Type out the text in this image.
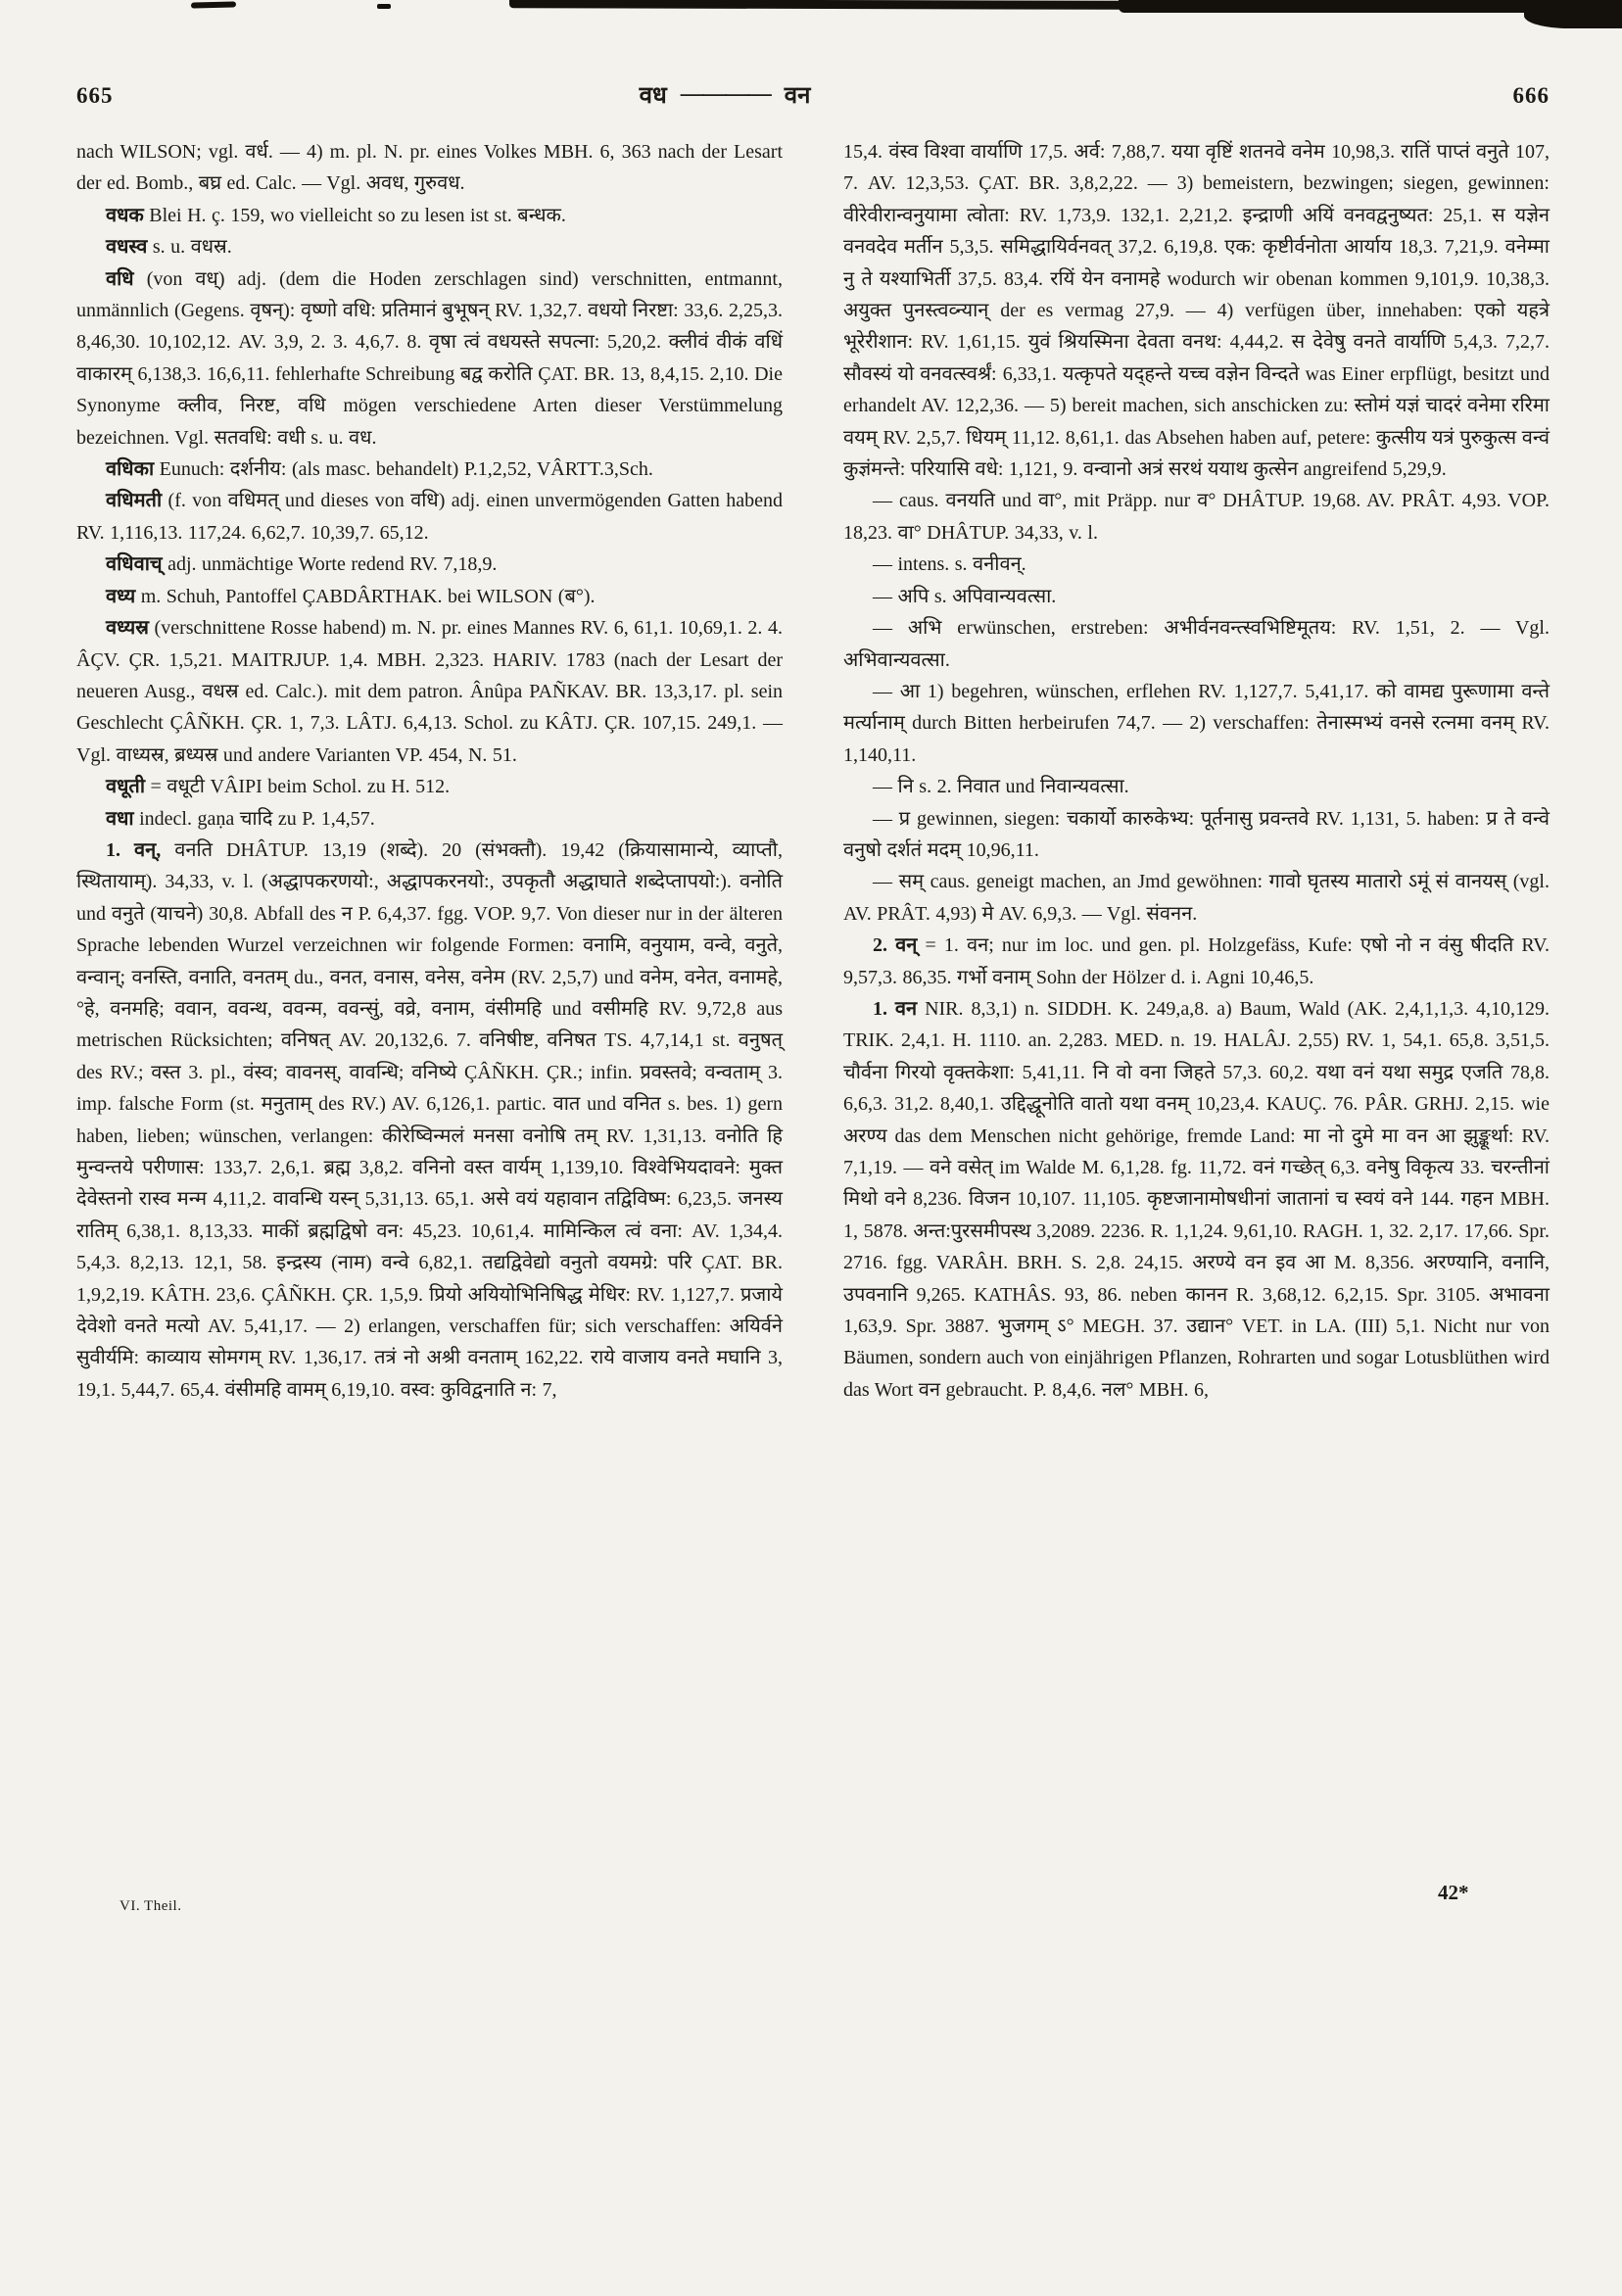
665	वध ———— वन	666

nach WILSON; vgl. वर्ध. — 4) m. pl. N. pr. eines Volkes MBH. 6, 363 nach der Lesart der ed. Bomb., बघ्र ed. Calc. — Vgl. अवध, गुरुवध.

वधक Blei H. ç. 159, wo vielleicht so zu lesen ist st. बन्धक.

वधस्व s. u. वधस्र.

वधि (von वध्) adj. (dem die Hoden zerschlagen sind) verschnitten, entmannt, unmännlich (Gegens. वृषन्): वृष्णो वधि: प्रतिमानं बुभूषन् RV. 1,32,7. वधयो निरष्टा: 33,6. 2,25,3. 8,46,30. 10,102,12. AV. 3,9, 2. 3. 4,6,7. 8. वृषा त्वं वधयस्ते सपत्ना: 5,20,2. क्लीवं वीकं वधिं वाकारम् 6,138,3. 16,6,11. fehlerhafte Schreibung बद्व करोति ÇAT. BR. 13, 8,4,15. 2,10. Die Synonyme क्लीव, निरष्ट, वधि mögen verschiedene Arten dieser Verstümmelung bezeichnen. Vgl. सतवधि: वधी s. u. वध.

वधिका Eunuch: दर्शनीय: (als masc. behandelt) P.1,2,52, VÂRTT.3,Sch.

वधिमती (f. von वधिमत् und dieses von वधि) adj. einen unvermögenden Gatten habend RV. 1,116,13. 117,24. 6,62,7. 10,39,7. 65,12.

वधिवाच् adj. unmächtige Worte redend RV. 7,18,9.

वध्य m. Schuh, Pantoffel ÇABDÂRTHAK. bei WILSON (ब°).

वध्यस्र (verschnittene Rosse habend) m. N. pr. eines Mannes RV. 6, 61,1. 10,69,1. 2. 4. ÂÇV. ÇR. 1,5,21. MAITRJUP. 1,4. MBH. 2,323. HARIV. 1783 (nach der Lesart der neueren Ausg., वधस्र ed. Calc.). mit dem patron. Ânûpa PAÑKAV. BR. 13,3,17. pl. sein Geschlecht ÇÂÑKH. ÇR. 1, 7,3. LÂTJ. 6,4,13. Schol. zu KÂTJ. ÇR. 107,15. 249,1. — Vgl. वाध्यस्र, ब्रध्यस्र und andere Varianten VP. 454, N. 51.

वधूती = वधूटी VÂIPI beim Schol. zu H. 512.

वधा indecl. gaṇa चादि zu P. 1,4,57.

1. वन्, वनति DHÂTUP. 13,19 (शब्दे). 20 (संभक्तौ). 19,42 (क्रियासामान्ये, व्याप्तौ, स्थितायाम्). 34,33, v. l. (अद्धापकरणयो:, अद्धापकरनयो:, उपकृतौ अद्धाघाते शब्देप्तापयो:). वनोति und वनुते (याचने) 30,8. Abfall des न P. 6,4,37. fgg. VOP. 9,7. Von dieser nur in der älteren Sprache lebenden Wurzel verzeichnen wir folgende Formen: वनामि, वनुयाम, वन्वे, वनुते, वन्वान्; वनस्ति, वनाति, वनतम् du., वनत, वनास, वनेस, वनेम (RV. 2,5,7) und वनेम, वनेत, वनामहे, °हे, वनमहि; ववान, ववन्थ, ववन्म, ववन्सुं, वव्रे, वनाम, वंसीमहि und वसीमहि RV. 9,72,8 aus metrischen Rücksichten; वनिषत् AV. 20,132,6. 7. वनिषीष्ट, वनिषत TS. 4,7,14,1 st. वनुषत् des RV.; वस्त 3. pl., वंस्व; वावनस्, वावन्धि; वनिष्ये ÇÂÑKH. ÇR.; infin. प्रवस्तवे; वन्वताम् 3. imp. falsche Form (st. मनुताम् des RV.) AV. 6,126,1. partic. वात und वनित s. bes. 1) gern haben, lieben; wünschen, verlangen: कीरेष्विन्मलं मनसा वनोषि तम् RV. 1,31,13. वनोति हि मुन्वन्तये परीणास: 133,7. 2,6,1. ब्रह्म 3,8,2. वनिनो वस्त वार्यम् 1,139,10. विश्वेभियदावने: मुक्त देवेस्तनो रास्व मन्म 4,11,2. वावन्धि यस्न् 5,31,13. 65,1. असे वयं यहावान तद्विविष्म: 6,23,5. जनस्य रातिम् 6,38,1. 8,13,33. माकीं ब्रह्मद्विषो वन: 45,23. 10,61,4. मामिन्किल त्वं वना: AV. 1,34,4. 5,4,3. 8,2,13. 12,1, 58. इन्द्रस्य (नाम) वन्वे 6,82,1. तद्यद्विवेद्यो वनुतो वयमग्रे: परि ÇAT. BR. 1,9,2,19. KÂTH. 23,6. ÇÂÑKH. ÇR. 1,5,9. प्रियो अयियोभिनिषिद्ध मेधिर: RV. 1,127,7. प्रजाये देवेशो वनते मत्यो AV. 5,41,17. — 2) erlangen, verschaffen für; sich verschaffen: अयिर्वने सुवीर्यमि: काव्याय सोमगम् RV. 1,36,17. तत्रं नो अश्री वनताम् 162,22. राये वाजाय वनते मघानि 3, 19,1. 5,44,7. 65,4. वंसीमहि वामम् 6,19,10. वस्व: कुविद्वनाति न: 7,

15,4. वंस्व विश्वा वार्याणि 17,5. अर्व: 7,88,7. यया वृष्टिं शतनवे वनेम 10,98,3. रातिं पाप्तं वनुते 107, 7. AV. 12,3,53. ÇAT. BR. 3,8,2,22. — 3) bemeistern, bezwingen; siegen, gewinnen: वीरेवीरान्वनुयामा त्वोता: RV. 1,73,9. 132,1. 2,21,2. इन्द्राणी अयिं वनवद्वनुष्यत: 25,1. स यज्ञेन वनवदेव मर्तीन 5,3,5. समिद्धायिर्वनवत् 37,2. 6,19,8. एक: कृष्टीर्वनोता आर्याय 18,3. 7,21,9. वनेम्मा नु ते यश्याभिर्ती 37,5. 83,4. रयिं येन वनामहे wodurch wir obenan kommen 9,101,9. 10,38,3. अयुक्त पुनस्त्वव्न्यान् der es vermag 27,9. — 4) verfügen über, innehaben: एको यहत्रे भूरेरीशान: RV. 1,61,15. युवं श्रियस्मिना देवता वनथ: 4,44,2. स देवेषु वनते वार्याणि 5,4,3. 7,2,7. सौवस्यं यो वनवत्स्वर्श्रं: 6,33,1. यत्कृपते यद्हन्ते यच्च वज्ञेन विन्दते was Einer erpflügt, besitzt und erhandelt AV. 12,2,36. — 5) bereit machen, sich anschicken zu: स्तोमं यज्ञं चादरं वनेमा ररिमा वयम् RV. 2,5,7. धियम् 11,12. 8,61,1. das Absehen haben auf, petere: कुत्सीय यत्रं पुरुकुत्स वन्वं कुज्ञंमन्ते: परियासि वधे: 1,121, 9. वन्वानो अत्रं सरथं ययाथ कुत्सेन angreifend 5,29,9.

— caus. वनयति und वा°, mit Präpp. nur व° DHÂTUP. 19,68. AV. PRÂT. 4,93. VOP. 18,23. वा° DHÂTUP. 34,33, v. l.

— intens. s. वनीवन्.

— अपि s. अपिवान्यवत्सा.

— अभि erwünschen, erstreben: अभीर्वनवन्त्स्वभिष्टिमूतय: RV. 1,51, 2. — Vgl. अभिवान्यवत्सा.

— आ 1) begehren, wünschen, erflehen RV. 1,127,7. 5,41,17. को वामद्य पुरूणामा वन्ते मर्त्यानाम् durch Bitten herbeirufen 74,7. — 2) verschaffen: तेनास्मभ्यं वनसे रत्नमा वनम् RV. 1,140,11.

— नि s. 2. निवात und निवान्यवत्सा.

— प्र gewinnen, siegen: चकार्यो कारुकेभ्य: पूर्तनासु प्रवन्तवे RV. 1,131, 5. haben: प्र ते वन्वे वनुषो दर्शतं मदम् 10,96,11.

— सम् caus. geneigt machen, an Jmd gewöhnen: गावो घृतस्य मातारो ऽमूं सं वानयस् (vgl. AV. PRÂT. 4,93) मे AV. 6,9,3. — Vgl. संवनन.

2. वन् = 1. वन; nur im loc. und gen. pl. Holzgefäss, Kufe: एषो नो न वंसु षीदति RV. 9,57,3. 86,35. गर्भो वनाम् Sohn der Hölzer d. i. Agni 10,46,5.

1. वन NIR. 8,3,1) n. SIDDH. K. 249,a,8. a) Baum, Wald (AK. 2,4,1,1,3. 4,10,129. TRIK. 2,4,1. H. 1110. an. 2,283. MED. n. 19. HALÂJ. 2,55) RV. 1, 54,1. 65,8. 3,51,5. चौर्वना गिरयो वृक्तकेशा: 5,41,11. नि वो वना जिहते 57,3. 60,2. यथा वनं यथा समुद्र एजति 78,8. 6,6,3. 31,2. 8,40,1. उद्दिद्धूनोति वातो यथा वनम् 10,23,4. KAUÇ. 76. PÂR. GRHJ. 2,15. wie अरण्य das dem Menschen nicht gehörige, fremde Land: मा नो दुमे मा वन आ झुङ्कूर्था: RV. 7,1,19. — वने वसेत् im Walde M. 6,1,28. fg. 11,72. वनं गच्छेत् 6,3. वनेषु विकृत्य 33. चरन्तीनां मिथो वने 8,236. विजन 10,107. 11,105. कृष्टजानामोषधीनां जातानां च स्वयं वने 144. गहन MBH. 1, 5878. अन्त:पुरसमीपस्थ 3,2089. 2236. R. 1,1,24. 9,61,10. RAGH. 1, 32. 2,17. 17,66. Spr. 2716. fgg. VARÂH. BRH. S. 2,8. 24,15. अरण्ये वन इव आ M. 8,356. अरण्यानि, वनानि, उपवनानि 9,265. KATHÂS. 93, 86. neben कानन R. 3,68,12. 6,2,15. Spr. 3105. अभावना 1,63,9. Spr. 3887. भुजगम् ऽ° MEGH. 37. उद्यान° VET. in LA. (III) 5,1. Nicht nur von Bäumen, sondern auch von einjährigen Pflanzen, Rohrarten und sogar Lotusblüthen wird das Wort वन gebraucht. P. 8,4,6. नल° MBH. 6,

VI. Theil.
42*
